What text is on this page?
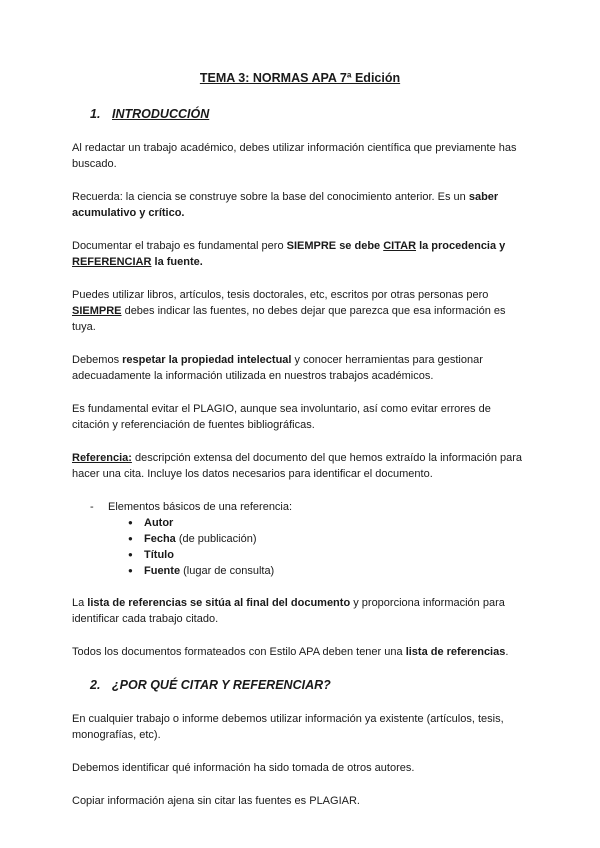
TEMA 3: NORMAS APA 7ª Edición
1. INTRODUCCIÓN

Al redactar un trabajo académico, debes utilizar información científica que previamente has buscado.

Recuerda: la ciencia se construye sobre la base del conocimiento anterior. Es un saber acumulativo y crítico.

Documentar el trabajo es fundamental pero SIEMPRE se debe CITAR la procedencia y REFERENCIAR la fuente.

Puedes utilizar libros, artículos, tesis doctorales, etc, escritos por otras personas pero SIEMPRE debes indicar las fuentes, no debes dejar que parezca que esa información es tuya.

Debemos respetar la propiedad intelectual y conocer herramientas para gestionar adecuadamente la información utilizada en nuestros trabajos académicos.

Es fundamental evitar el PLAGIO, aunque sea involuntario, así como evitar errores de citación y referenciación de fuentes bibliográficas.

Referencia: descripción extensa del documento del que hemos extraído la información para hacer una cita. Incluye los datos necesarios para identificar el documento.

- Elementos básicos de una referencia:
● Autor
● Fecha (de publicación)
● Título
● Fuente (lugar de consulta)

La lista de referencias se sitúa al final del documento y proporciona información para identificar cada trabajo citado.

Todos los documentos formateados con Estilo APA deben tener una lista de referencias.

2. ¿POR QUÉ CITAR Y REFERENCIAR?

En cualquier trabajo o informe debemos utilizar información ya existente (artículos, tesis, monografías, etc).

Debemos identificar qué información ha sido tomada de otros autores.

Copiar información ajena sin citar las fuentes es PLAGIAR.
